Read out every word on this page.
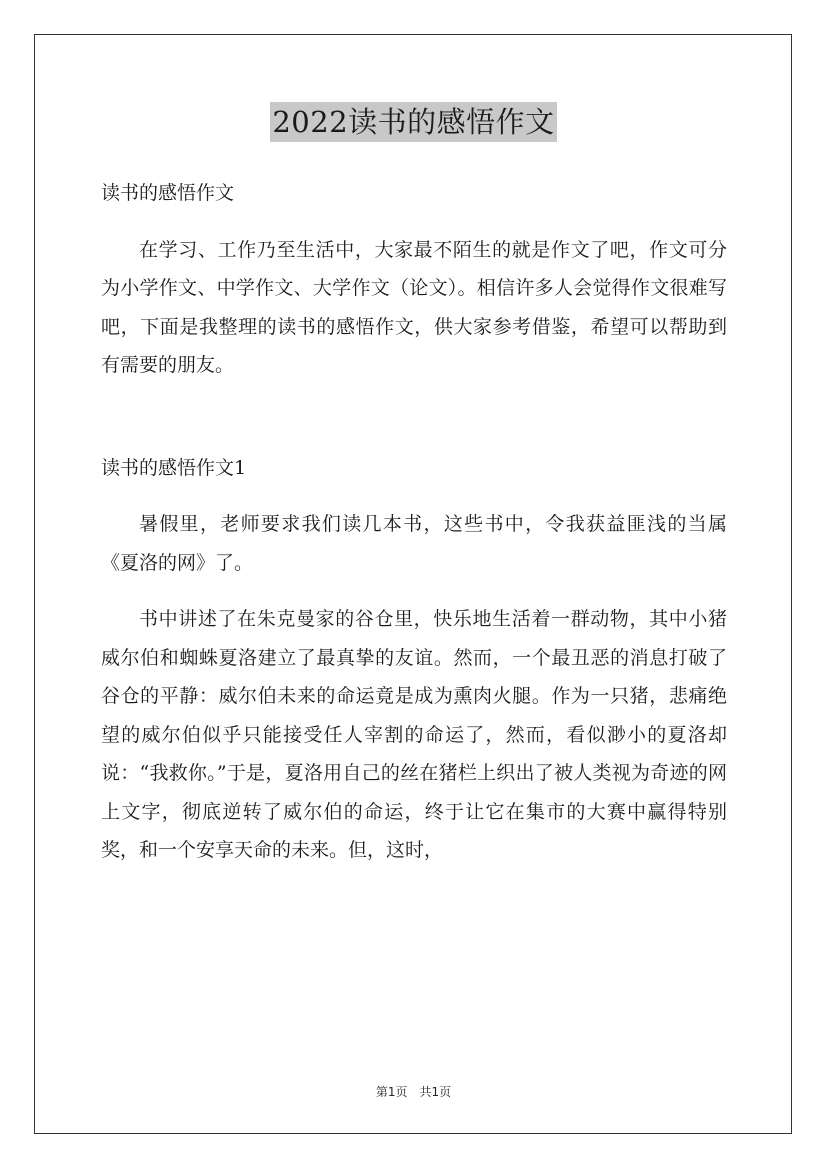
2022读书的感悟作文

读书的感悟作文

在学习、工作乃至生活中，大家最不陌生的就是作文了吧，作文可分为小学作文、中学作文、大学作文（论文）。相信许多人会觉得作文很难写吧，下面是我整理的读书的感悟作文，供大家参考借鉴，希望可以帮助到有需要的朋友。

读书的感悟作文1

暑假里，老师要求我们读几本书，这些书中，令我获益匪浅的当属《夏洛的网》了。

书中讲述了在朱克曼家的谷仓里，快乐地生活着一群动物，其中小猪威尔伯和蜘蛛夏洛建立了最真挚的友谊。然而，一个最丑恶的消息打破了谷仓的平静：威尔伯未来的命运竟是成为熏肉火腿。作为一只猪，悲痛绝望的威尔伯似乎只能接受任人宰割的命运了，然而，看似渺小的夏洛却说：“我救你。”于是，夏洛用自己的丝在猪栏上织出了被人类视为奇迹的网上文字，彻底逆转了威尔伯的命运，终于让它在集市的大赛中赢得特别奖，和一个安享天命的未来。但，这时，

第1页　共1页
